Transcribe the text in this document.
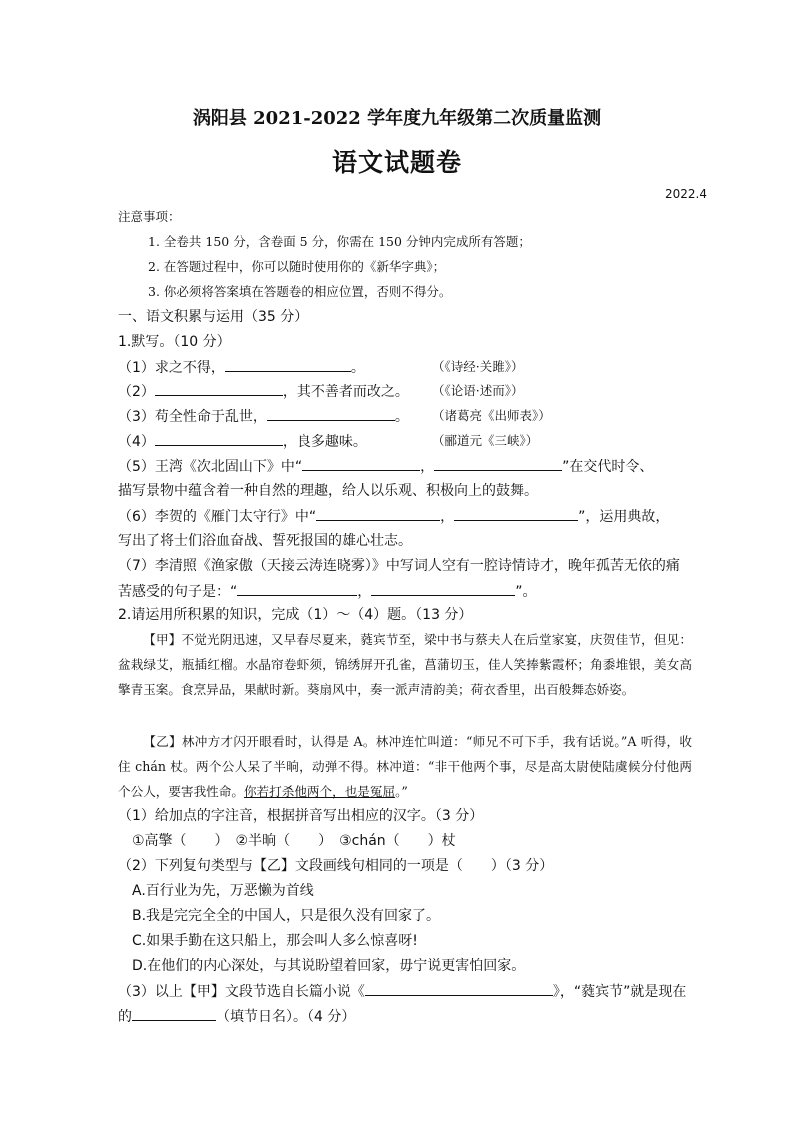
涡阳县 2021-2022 学年度九年级第二次质量监测
语文试题卷
2022.4
注意事项：
1. 全卷共 150 分，含卷面 5 分，你需在 150 分钟内完成所有答题；
2. 在答题过程中，你可以随时使用你的《新华字典》；
3. 你必须将答案填在答题卷的相应位置，否则不得分。
一、语文积累与运用（35 分）
1.默写。（10 分）
（1）求之不得，	。	（《诗经·关雎》）
（2）	，其不善者而改之。 （《论语·述而》）
（3）苟全性命于乱世，	。 （诸葛亮《出师表》）
（4）	，良多趣味。	（郦道元《三峡》）
（5）王湾《次北固山下》中“	，	”在交代时令、
描写景物中蕴含着一种自然的理趣，给人以乐观、积极向上的鼓舞。
（6）李贺的《雁门太守行》中“	，	”，运用典故，
写出了将士们浴血奋战、誓死报国的雄心壮志。
（7）李清照《渔家傲（天接云涛连晓雾）》中写词人空有一腔诗情诗才，晚年孤苦无依的痛
苦感受的句子是：“	，	”。
2.请运用所积累的知识，完成（1）～（4）题。（13 分）
【甲】不觉光阴迅速，又早春尽夏来，蕤宾节至，梁中书与蔡夫人在后堂家宴，庆贺佳节，但见：盆栽绿艾，瓶插红榴。水晶帘卷虾须，锦绣屏开孔雀，菖蒲切玉，佳人笑捧紫霞杯；角黍堆银，美女高擎青玉案。食烹异品，果献时新。葵扇风中，奏一派声清韵美；荷衣香里，出百般舞态娇姿。
【乙】林冲方才闪开眼看时，认得是 A。林冲连忙叫道：“师兄不可下手，我有话说。”A 听得，收住 chán 杖。两个公人呆了半晌，动弹不得。林冲道：“非干他两个事，尽是高太尉使陆虞候分付他两个公人，要害我性命。你若打杀他两个，也是冤屈。”
（1）给加点的字注音，根据拼音写出相应的汉字。（3 分）
①高擎（　　）　②半晌（　　）　③chán（　　）杖
（2）下列复句类型与【乙】文段画线句相同的一项是（　　）（3 分）
A.百行业为先，万恶懒为首线
B.我是完完全全的中国人，只是很久没有回家了。
C.如果手勤在这只船上，那会叫人多么惊喜呀!
D.在他们的内心深处，与其说盼望着回家，毋宁说更害怕回家。
（3）以上【甲】文段节选自长篇小说《	》，“蕤宾节”就是现在
的	（填节日名）。（4 分）
